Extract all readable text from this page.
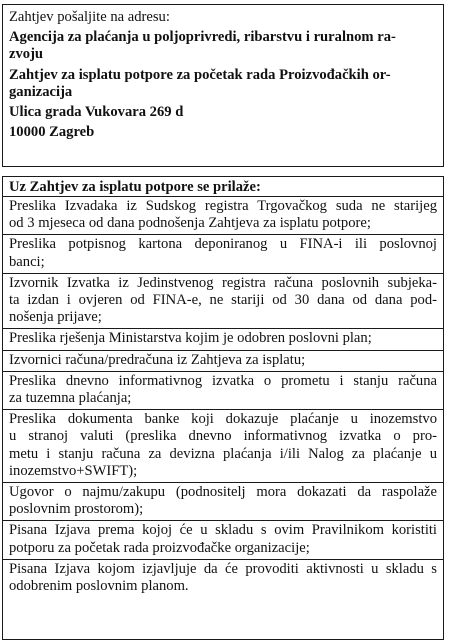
Zahtjev pošaljite na adresu:
Agencija za plaćanja u poljoprivredi, ribarstvu i ruralnom ra-
zvoju
Zahtjev za isplatu potpore za početak rada Proizvođačkih or-
ganizacija
Ulica grada Vukovara 269 d
10000 Zagreb
Uz Zahtjev za isplatu potpore se prilaže:
Preslika Izvadaka iz Sudskog registra Trgovačkog suda ne starijeg
od 3 mjeseca od dana podnošenja Zahtjeva za isplatu potpore;
Preslika potpisnog kartona deponiranog u FINA-i ili poslovnoj
banci;
Izvornik Izvatka iz Jedinstvenog registra računa poslovnih subjeka-
ta izdan i ovjeren od FINA-e, ne stariji od 30 dana od dana pod-
nošenja prijave;
Preslika rješenja Ministarstva kojim je odobren poslovni plan;
Izvornici računa/predračuna iz Zahtjeva za isplatu;
Preslika dnevno informativnog izvatka o prometu i stanju računa
za tuzemna plaćanja;
Preslika dokumenta banke koji dokazuje plaćanje u inozemstvo
u stranoj valuti (preslika dnevno informativnog izvatka o pro-
metu i stanju računa za devizna plaćanja i/ili Nalog za plaćanje u
inozemstvo+SWIFT);
Ugovor o najmu/zakupu (podnositelj mora dokazati da raspolaže
poslovnim prostorom);
Pisana Izjava prema kojoj će u skladu s ovim Pravilnikom koristiti
potporu za početak rada proizvođačke organizacije;
Pisana Izjava kojom izjavljuje da će provoditi aktivnosti u skladu s
odobrenim poslovnim planom.
